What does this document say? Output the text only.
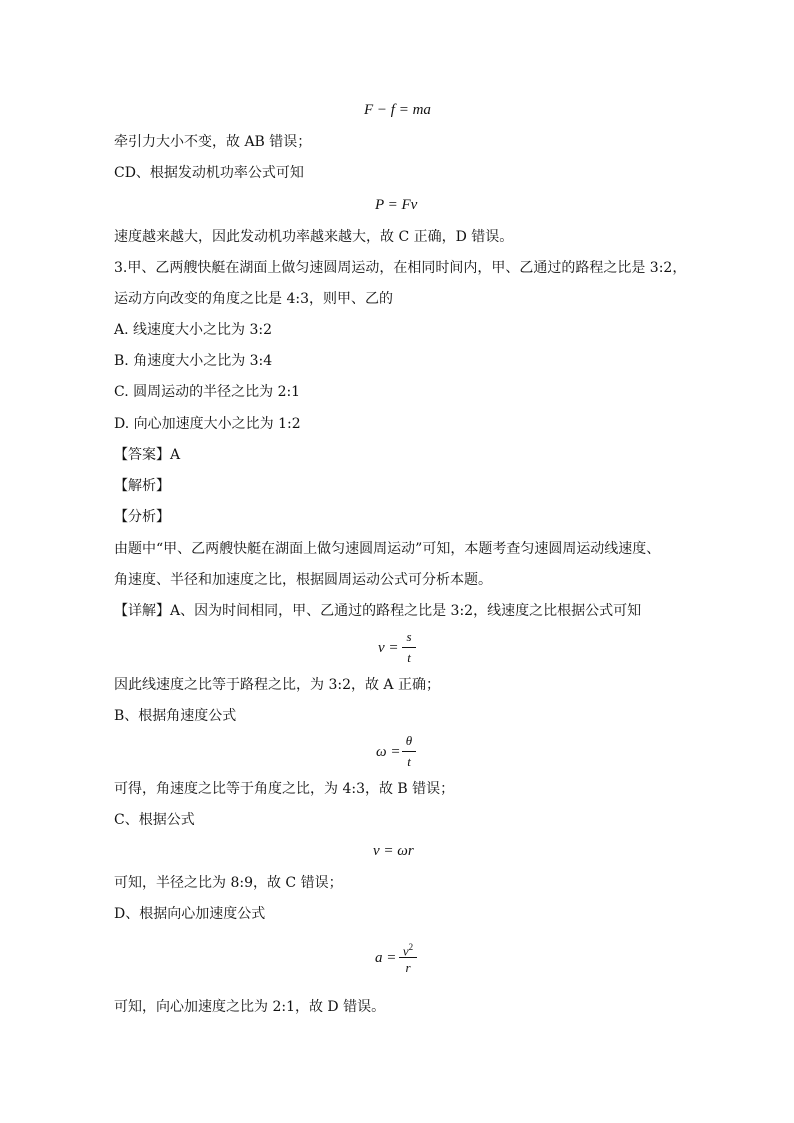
F − f = ma
牵引力大小不变，故 AB 错误；
CD、根据发动机功率公式可知
P = Fv
速度越来越大，因此发动机功率越来越大，故 C 正确，D 错误。
3.甲、乙两艘快艇在湖面上做匀速圆周运动，在相同时间内，甲、乙通过的路程之比是 3:2，
运动方向改变的角度之比是 4:3，则甲、乙的
A. 线速度大小之比为 3:2
B. 角速度大小之比为 3:4
C. 圆周运动的半径之比为 2:1
D. 向心加速度大小之比为 1:2
【答案】A
【解析】
【分析】
由题中“甲、乙两艘快艇在湖面上做匀速圆周运动”可知，本题考查匀速圆周运动线速度、
角速度、半径和加速度之比，根据圆周运动公式可分析本题。
【详解】A、因为时间相同，甲、乙通过的路程之比是 3:2，线速度之比根据公式可知
v =
s
t
因此线速度之比等于路程之比，为 3:2，故 A 正确；
B、根据角速度公式
ω =
θ
t
可得，角速度之比等于角度之比，为 4:3，故 B 错误；
C、根据公式
v = ωr
可知，半径之比为 8:9，故 C 错误；
D、根据向心加速度公式
$a = v^2$
r
可知，向心加速度之比为 2:1，故 D 错误。
